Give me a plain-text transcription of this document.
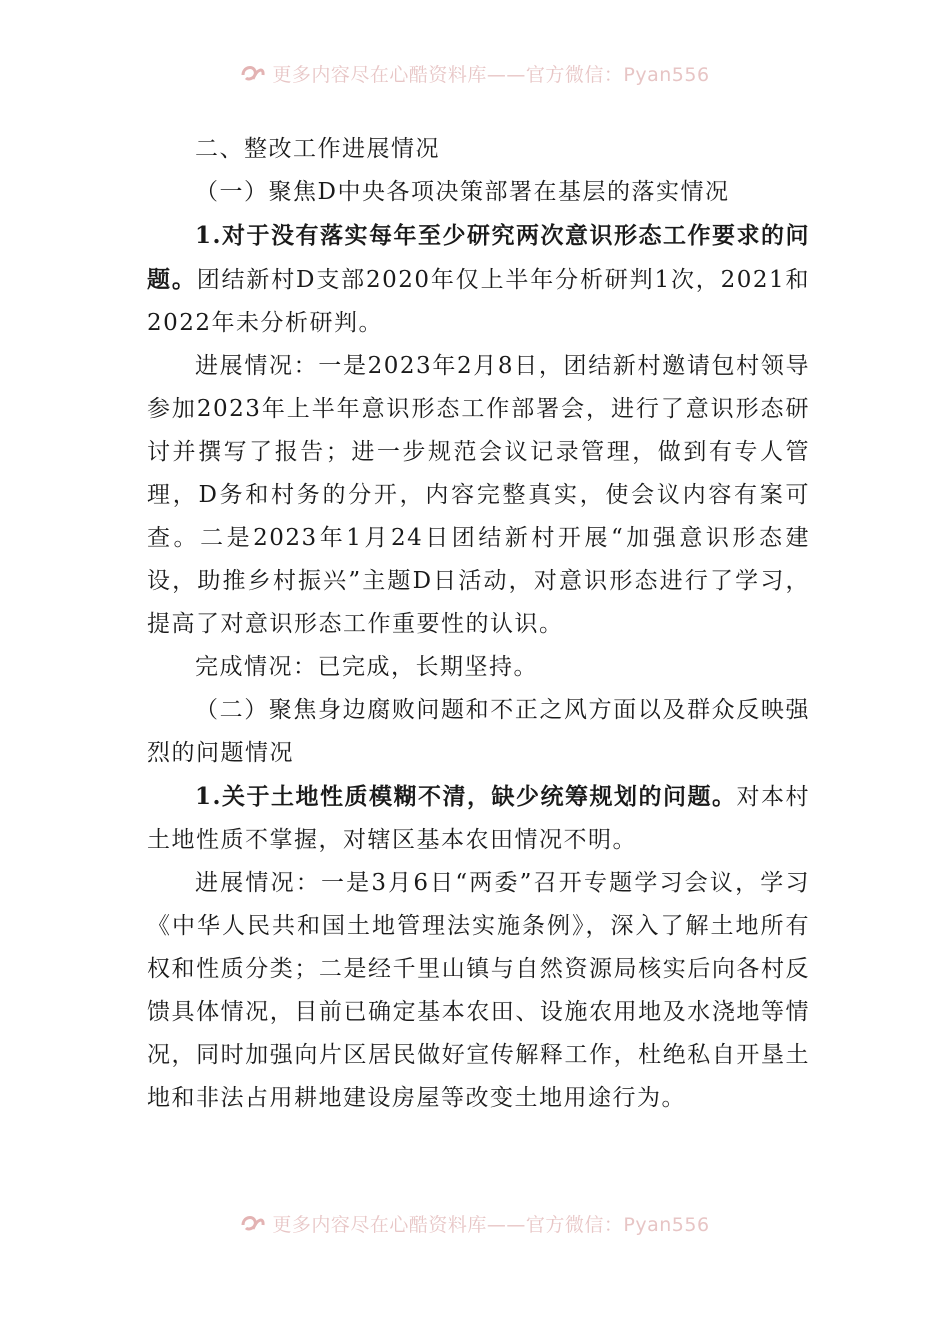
更多内容尽在心酷资料库——官方微信：Pyan556

二、整改工作进展情况

（一）聚焦D中央各项决策部署在基层的落实情况

1.对于没有落实每年至少研究两次意识形态工作要求的问题。团结新村D支部2020年仅上半年分析研判1次，2021和2022年未分析研判。

进展情况：一是2023年2月8日，团结新村邀请包村领导参加2023年上半年意识形态工作部署会，进行了意识形态研讨并撰写了报告；进一步规范会议记录管理，做到有专人管理，D务和村务的分开，内容完整真实，使会议内容有案可查。二是2023年1月24日团结新村开展“加强意识形态建设，助推乡村振兴”主题D日活动，对意识形态进行了学习，提高了对意识形态工作重要性的认识。

完成情况：已完成，长期坚持。

（二）聚焦身边腐败问题和不正之风方面以及群众反映强烈的问题情况

1.关于土地性质模糊不清，缺少统筹规划的问题。对本村土地性质不掌握，对辖区基本农田情况不明。

进展情况：一是3月6日“两委”召开专题学习会议，学习《中华人民共和国土地管理法实施条例》，深入了解土地所有权和性质分类；二是经千里山镇与自然资源局核实后向各村反馈具体情况，目前已确定基本农田、设施农用地及水浇地等情况，同时加强向片区居民做好宣传解释工作，杜绝私自开垦土地和非法占用耕地建设房屋等改变土地用途行为。

更多内容尽在心酷资料库——官方微信：Pyan556
